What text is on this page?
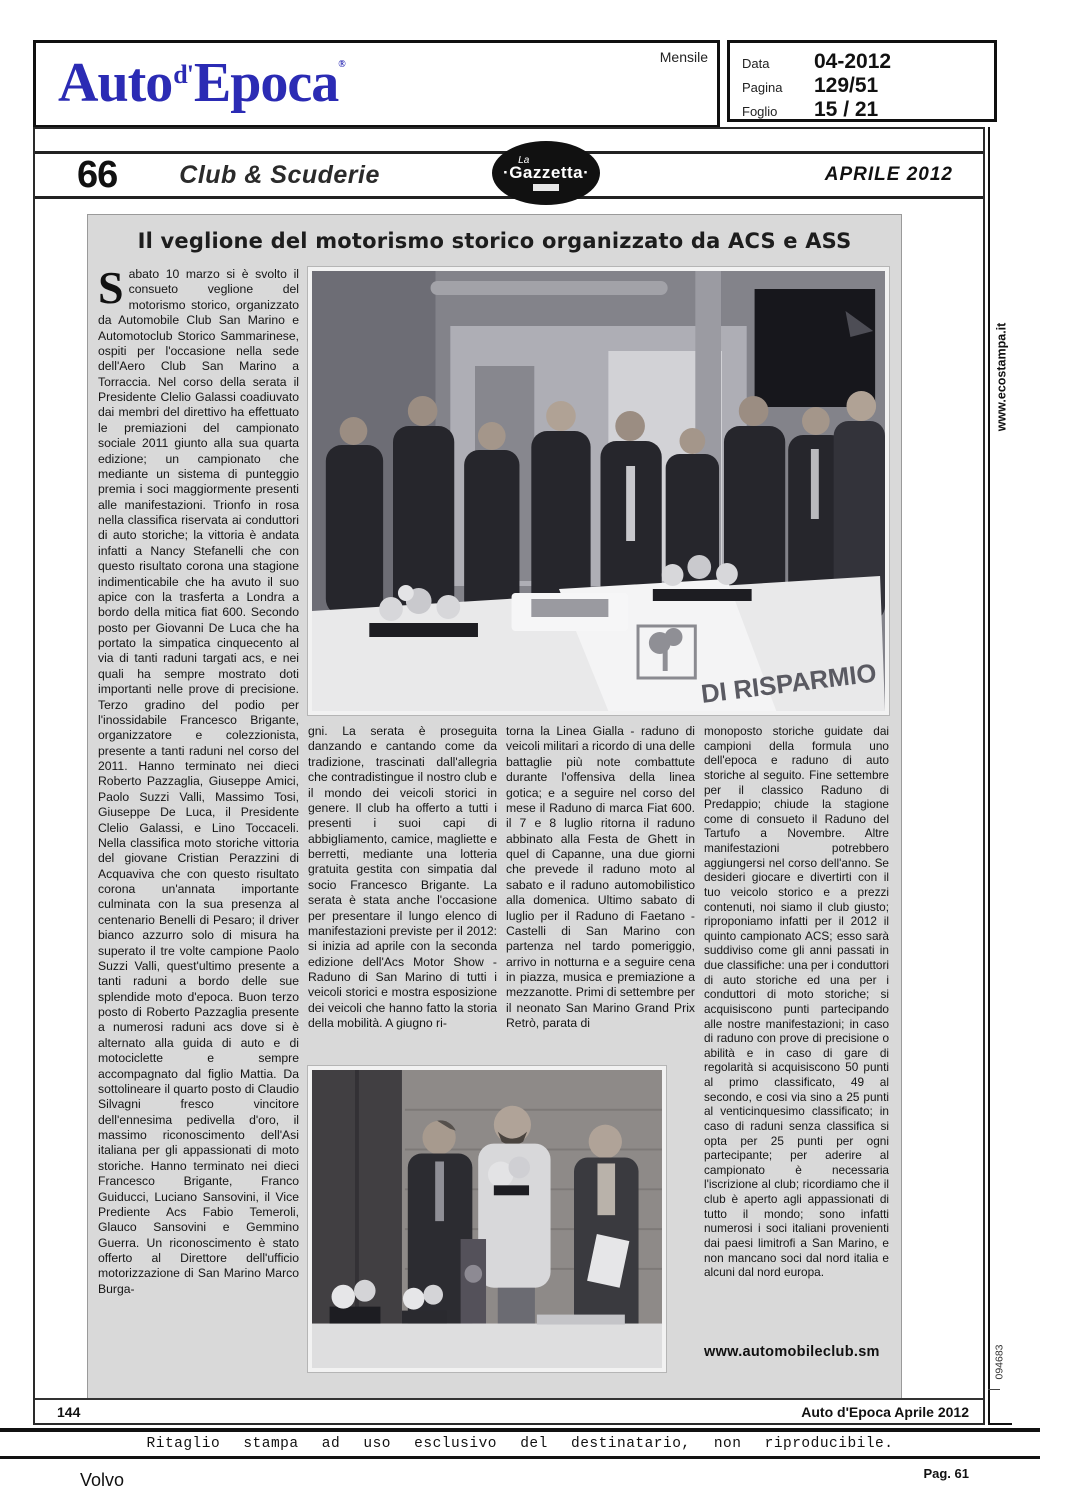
Autod'Epoca®	Mensile	Data	04-2012
Pagina	129/51
Foglio	15 / 21
66 Club & Scuderie	La
·Gazzetta·	APRILE 2012
Il veglione del motorismo storico organizzato da ACS e ASS
Sabato 10 marzo si è svolto il consueto veglione del motorismo storico, organizzato da Automobile Club San Marino e Automotoclub Storico Sammarinese, ospiti per l'occasione nella sede dell'Aero Club San Marino a Torraccia. Nel corso della serata il Presidente Clelio Galassi coadiuvato dai membri del direttivo ha effettuato le premiazioni del campionato sociale 2011 giunto alla sua quarta edizione; un campionato che mediante un sistema di punteggio premia i soci maggiormente presenti alle manifestazioni. Trionfo in rosa nella classifica riservata ai conduttori di auto storiche; la vittoria è andata infatti a Nancy Stefanelli che con questo risultato corona una stagione indimenticabile che ha avuto il suo apice con la trasferta a Londra a bordo della mitica fiat 600. Secondo posto per Giovanni De Luca che ha portato la simpatica cinquecento al via di tanti raduni targati acs, e nei quali ha sempre mostrato doti importanti nelle prove di precisione. Terzo gradino del podio per l'inossidabile Francesco Brigante, organizzatore e colezzionista, presente a tanti raduni nel corso del 2011. Hanno terminato nei dieci Roberto Pazzaglia, Giuseppe Amici, Paolo Suzzi Valli, Massimo Tosi, Giuseppe De Luca, il Presidente Clelio Galassi, e Lino Toccaceli. Nella classifica moto storiche vittoria del giovane Cristian Perazzini di Acquaviva che con questo risultato corona un'annata importante culminata con la sua presenza al centenario Benelli di Pesaro; il driver bianco azzurro solo di misura ha superato il tre volte campione Paolo Suzzi Valli, quest'ultimo presente a tanti raduni a bordo delle sue splendide moto d'epoca. Buon terzo posto di Roberto Pazzaglia presente a numerosi raduni acs dove si è alternato alla guida di auto e di motociclette e sempre accompagnato dal figlio Mattia. Da sottolineare il quarto posto di Claudio Silvagni fresco vincitore dell'ennesima pedivella d'oro, il massimo riconoscimento dell'Asi italiana per gli appassionati di moto storiche. Hanno terminato nei dieci Francesco Brigante, Franco Guiducci, Luciano Sansovini, il Vice Prediente Acs Fabio Temeroli, Glauco Sansovini e Gemmino Guerra. Un riconoscimento è stato offerto al Direttore dell'ufficio motorizzazione di San Marino Marco Burga-
DI RISPARMIO
gni. La serata è proseguita danzando e cantando come da tradizione, trascinati dall'allegria che contradistingue il nostro club e il mondo dei veicoli storici in genere. Il club ha offerto a tutti i presenti i suoi capi di abbigliamento, camice, magliette e berretti, mediante una lotteria gratuita gestita con simpatia dal socio Francesco Brigante. La serata è stata anche l'occasione per presentare il lungo elenco di manifestazioni previste per il 2012: si inizia ad aprile con la seconda edizione dell'Acs Motor Show - Raduno di San Marino di tutti i veicoli storici e mostra esposizione dei veicoli che hanno fatto la storia della mobilità. A giugno ri-
torna la Linea Gialla - raduno di veicoli militari a ricordo di una delle battaglie più note combattute durante l'offensiva della linea gotica; e a seguire nel corso del mese il Raduno di marca Fiat 600. il 7 e 8 luglio ritorna il raduno abbinato alla Festa de Ghett in quel di Capanne, una due giorni che prevede il raduno moto al sabato e il raduno automobilistico alla domenica. Ultimo sabato di luglio per il Raduno di Faetano - Castelli di San Marino con partenza nel tardo pomeriggio, arrivo in notturna e a seguire cena in piazza, musica e premiazione a mezzanotte. Primi di settembre per il neonato San Marino Grand Prix Retrò, parata di
monoposto storiche guidate dai campioni della formula uno dell'epoca e raduno di auto storiche al seguito. Fine settembre per il classico Raduno di Predappio; chiude la stagione come di consueto il Raduno del Tartufo a Novembre. Altre manifestazioni potrebbero aggiungersi nel corso dell'anno. Se desideri giocare e divertirti con il tuo veicolo storico e a prezzi contenuti, noi siamo il club giusto; riproponiamo infatti per il 2012 il quinto campionato ACS; esso sarà suddiviso come gli anni passati in due classifiche: una per i conduttori di auto storiche ed una per i conduttori di moto storiche; si acquisiscono punti partecipando alle nostre manifestazioni; in caso di raduno con prove di precisione o abilità e in caso di gare di regolarità si acquisiscono 50 punti al primo classificato, 49 al secondo, e cosi via sino a 25 punti al venticinquesimo classificato; in caso di raduni senza classifica si opta per 25 punti per ogni partecipante; per aderire al campionato è necessaria l'iscrizione al club; ricordiamo che il club è aperto agli appassionati di tutto il mondo; sono infatti numerosi i soci italiani provenienti dai paesi limitrofi a San Marino, e non mancano soci dal nord italia e alcuni dal nord europa.
www.automobileclub.sm
144	Auto d'Epoca Aprile 2012
www.ecostampa.it
094683
Ritaglio stampa ad uso esclusivo del destinatario, non riproducibile.
Volvo	Pag. 61
